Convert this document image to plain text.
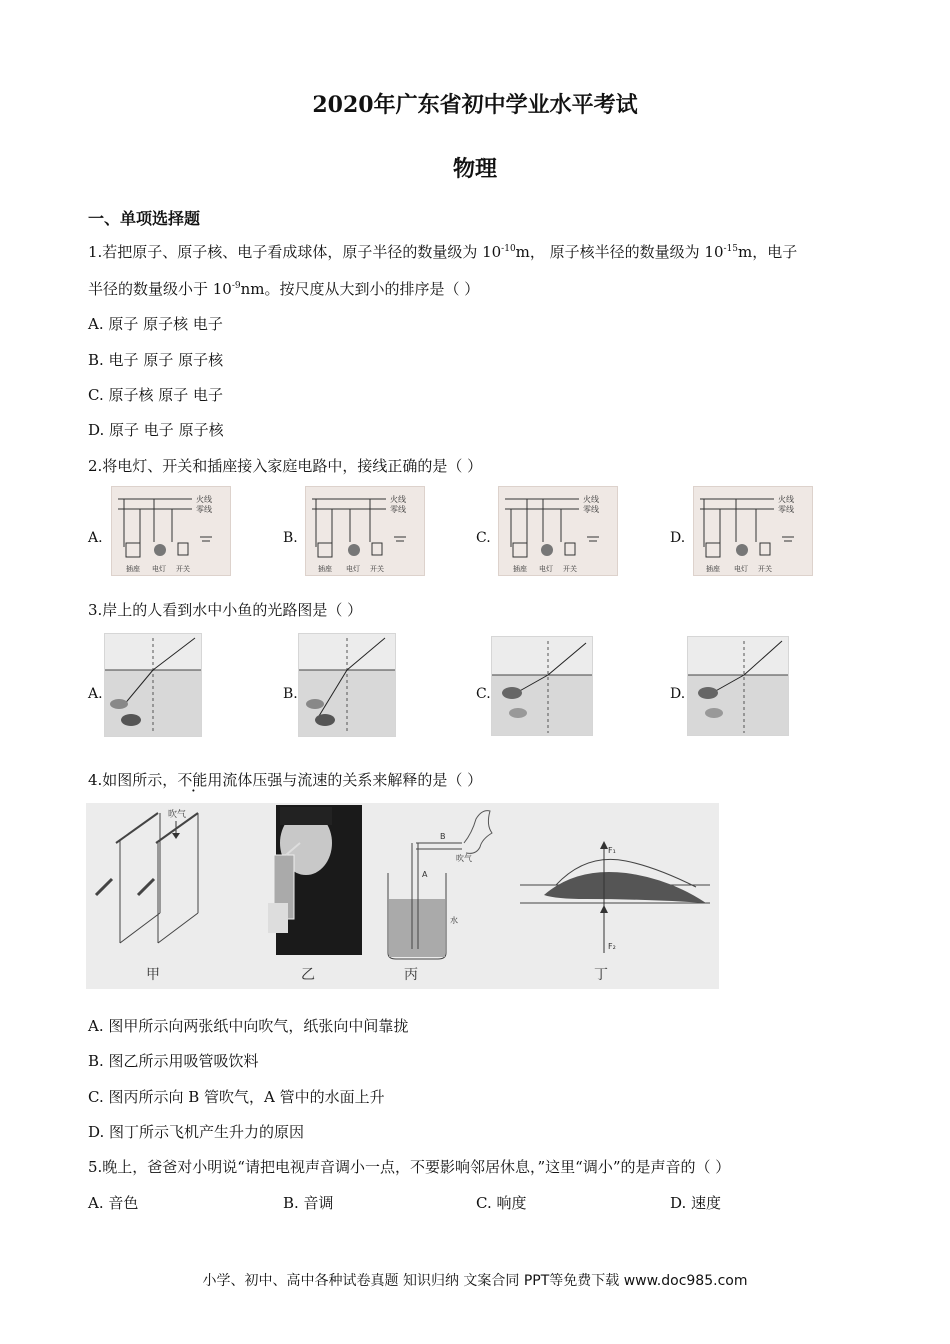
2020年广东省初中学业水平考试
物理
一、单项选择题
1.若把原子、原子核、电子看成球体，原子半径的数量级为 $10^{-10}m$， 原子核半径的数量级为 $10^{-15}m$，电子
半径的数量级小于 $10^{-9}nm$。按尺度从大到小的排序是（ ）
A. 原子 原子核 电子
B. 电子 原子 原子核
C. 原子核 原子 电子
D. 原子 电子 原子核
2.将电灯、开关和插座接入家庭电路中，接线正确的是（ ）
A.	B.	C.	D.
火线
零线
插座 电灯 开关
火线
零线
插座 电灯 开关
火线
零线
插座 电灯 开关
火线
零线
插座 电灯 开关
3.岸上的人看到水中小鱼的光路图是（ ）
A.	B.	C.	D.
4.如图所示，不能用流体压强与流速的关系来解释的是（ ）
吹气
甲	乙
B
A
吹气
水
丙
F₁
F₂
丁
A. 图甲所示向两张纸中向吹气，纸张向中间靠拢
B. 图乙所示用吸管吸饮料
C. 图丙所示向 B 管吹气，A 管中的水面上升
D. 图丁所示飞机产生升力的原因
5.晚上，爸爸对小明说“请把电视声音调小一点，不要影响邻居休息，”这里“调小”的是声音的（ ）
A. 音色	B. 音调	C. 响度	D. 速度
小学、初中、高中各种试卷真题 知识归纳 文案合同 PPT等免费下载 www.doc985.com
